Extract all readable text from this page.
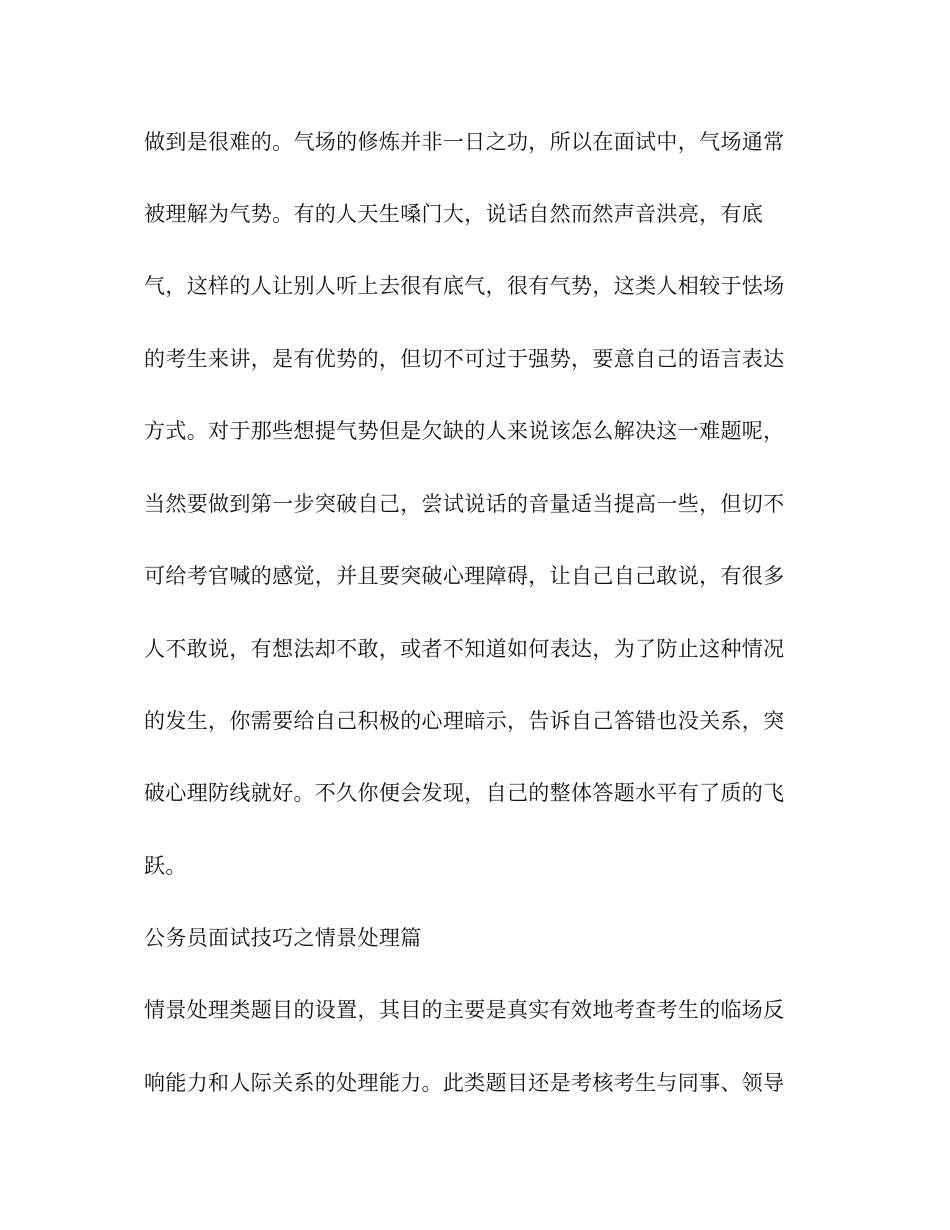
做到是很难的。气场的修炼并非一日之功，所以在面试中，气场通常
被理解为气势。有的人天生嗓门大，说话自然而然声音洪亮，有底
气，这样的人让别人听上去很有底气，很有气势，这类人相较于怯场
的考生来讲，是有优势的，但切不可过于强势，要意自己的语言表达
方式。对于那些想提气势但是欠缺的人来说该怎么解决这一难题呢，
当然要做到第一步突破自己，尝试说话的音量适当提高一些，但切不
可给考官喊的感觉，并且要突破心理障碍，让自己自己敢说，有很多
人不敢说，有想法却不敢，或者不知道如何表达，为了防止这种情况
的发生，你需要给自己积极的心理暗示，告诉自己答错也没关系，突
破心理防线就好。不久你便会发现，自己的整体答题水平有了质的飞
跃。
公务员面试技巧之情景处理篇
情景处理类题目的设置，其目的主要是真实有效地考查考生的临场反
响能力和人际关系的处理能力。此类题目还是考核考生与同事、领导
